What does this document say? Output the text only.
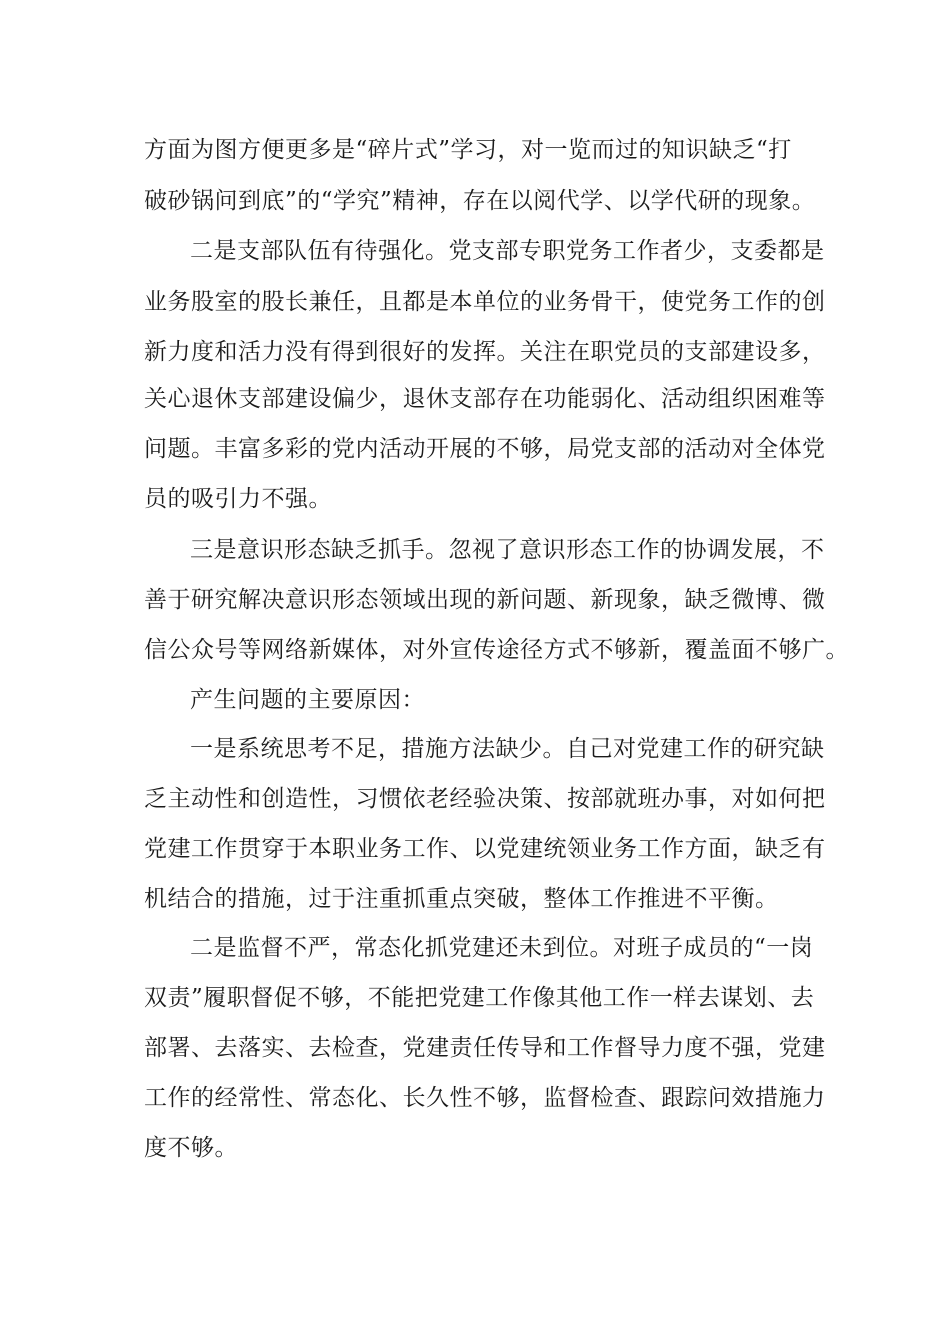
方面为图方便更多是“碎片式”学习，对一览而过的知识缺乏“打
破砂锅问到底”的“学究”精神，存在以阅代学、以学代研的现象。
二是支部队伍有待强化。党支部专职党务工作者少，支委都是
业务股室的股长兼任，且都是本单位的业务骨干，使党务工作的创
新力度和活力没有得到很好的发挥。关注在职党员的支部建设多，
关心退休支部建设偏少，退休支部存在功能弱化、活动组织困难等
问题。丰富多彩的党内活动开展的不够，局党支部的活动对全体党
员的吸引力不强。
三是意识形态缺乏抓手。忽视了意识形态工作的协调发展，不
善于研究解决意识形态领域出现的新问题、新现象，缺乏微博、微
信公众号等网络新媒体，对外宣传途径方式不够新，覆盖面不够广。
产生问题的主要原因：
一是系统思考不足，措施方法缺少。自己对党建工作的研究缺
乏主动性和创造性，习惯依老经验决策、按部就班办事，对如何把
党建工作贯穿于本职业务工作、以党建统领业务工作方面，缺乏有
机结合的措施，过于注重抓重点突破，整体工作推进不平衡。
二是监督不严，常态化抓党建还未到位。对班子成员的“一岗
双责”履职督促不够，不能把党建工作像其他工作一样去谋划、去
部署、去落实、去检查，党建责任传导和工作督导力度不强，党建
工作的经常性、常态化、长久性不够，监督检查、跟踪问效措施力
度不够。
